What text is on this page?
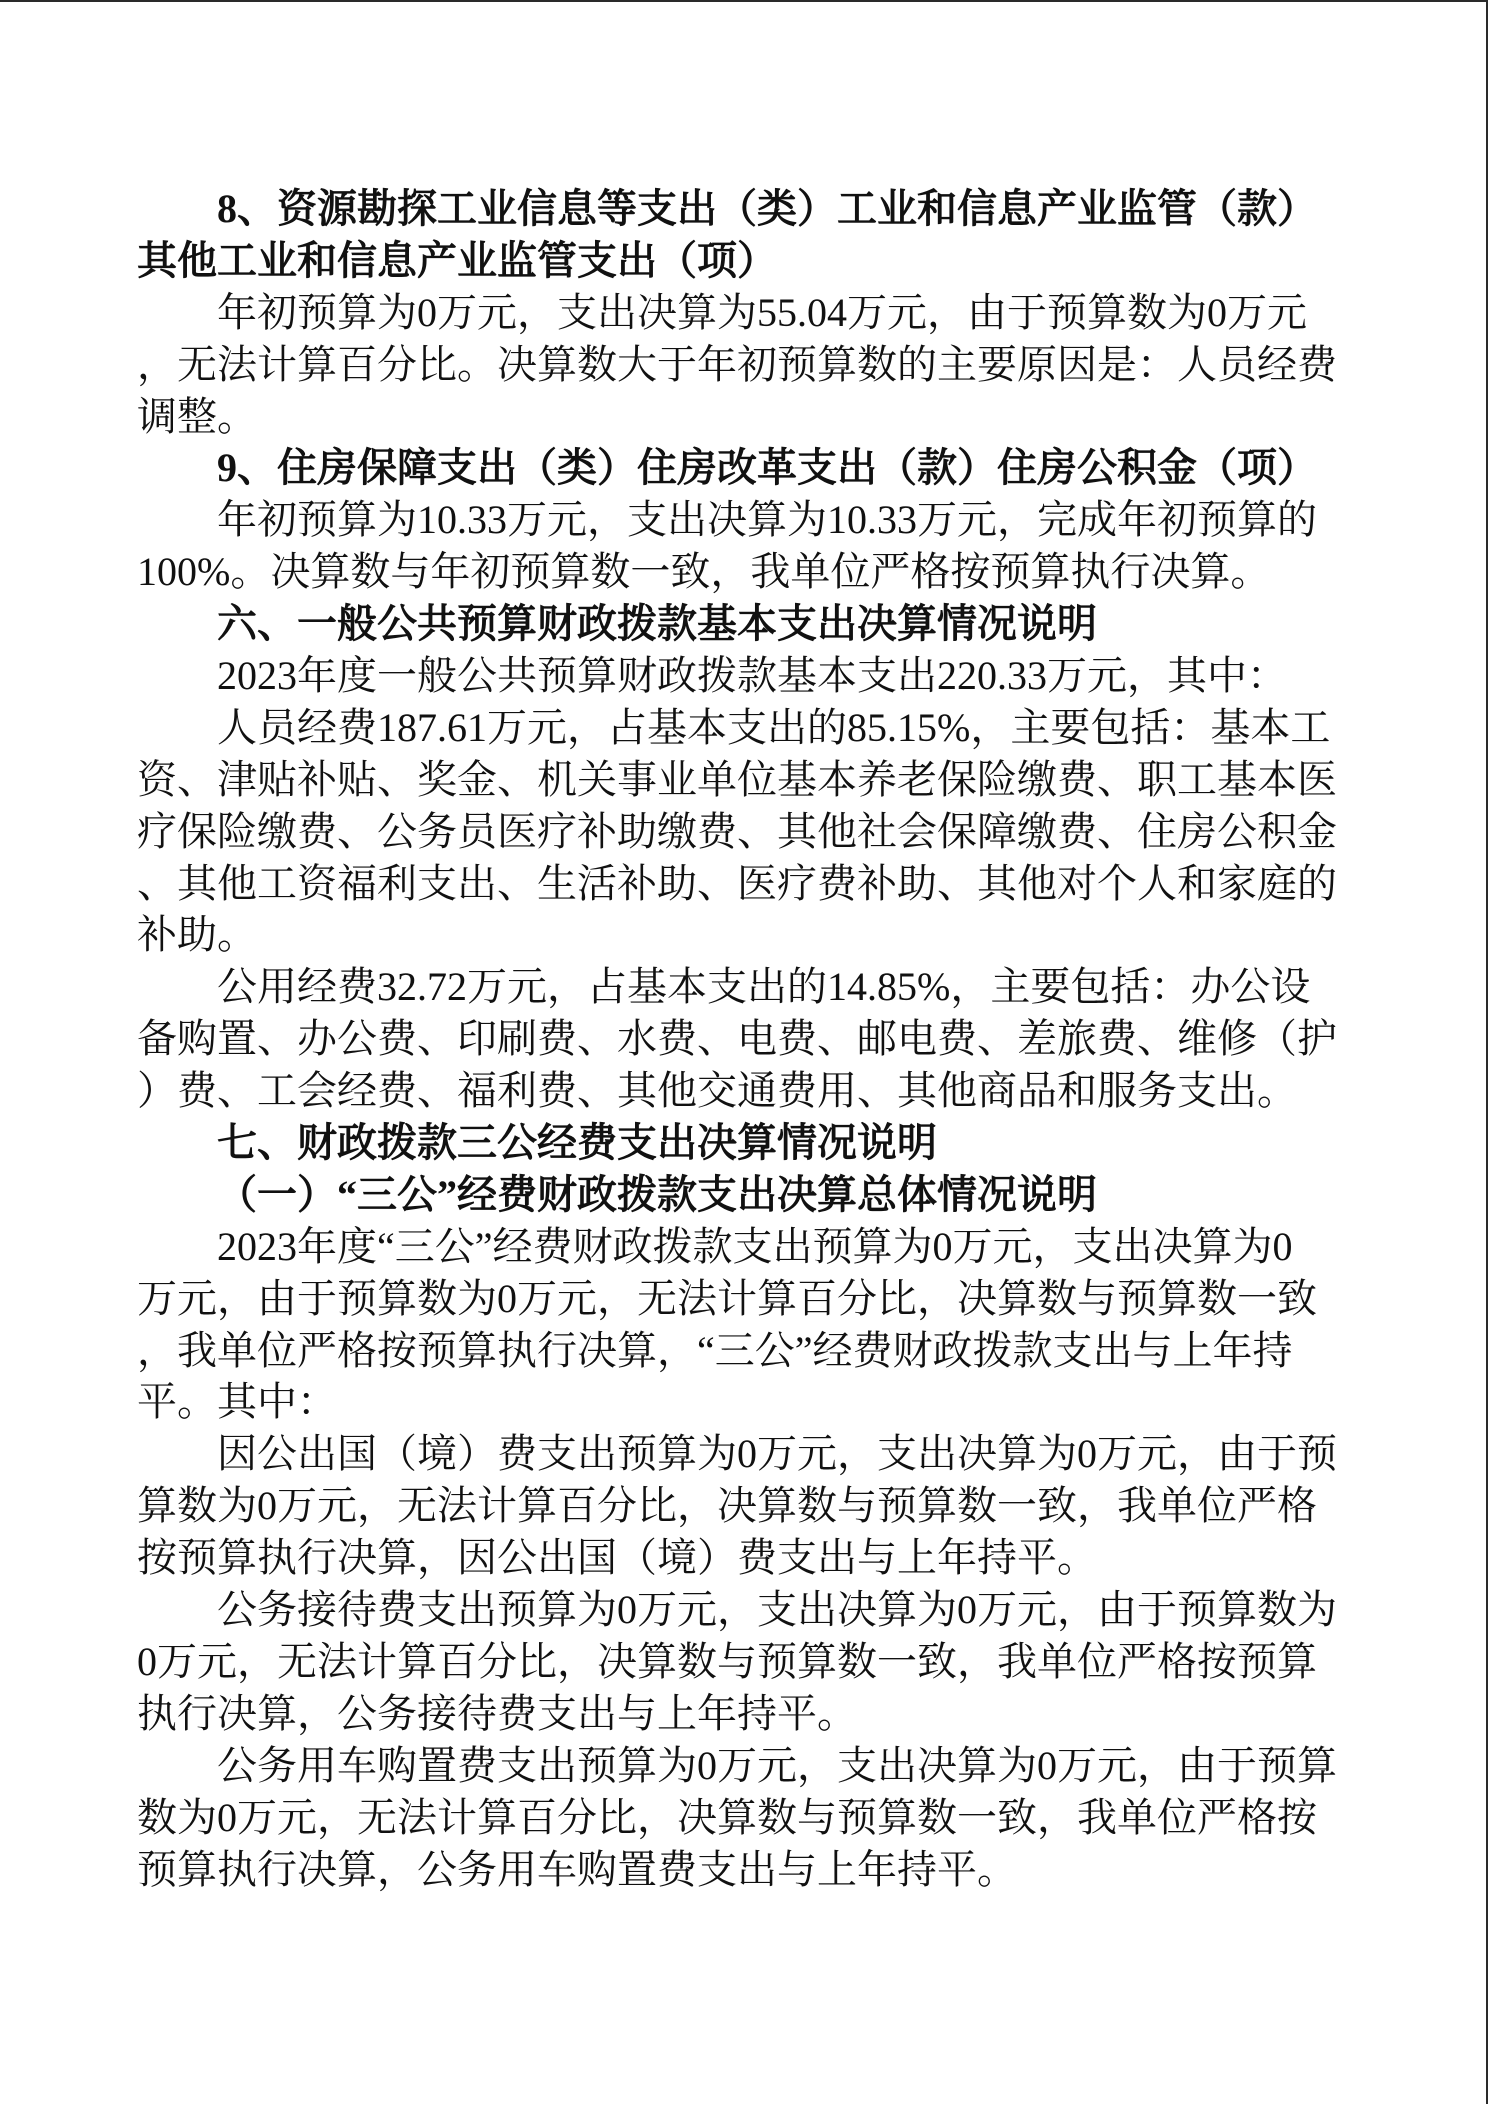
8、资源勘探工业信息等支出（类）工业和信息产业监管（款）
其他工业和信息产业监管支出（项）
年初预算为0万元，支出决算为55.04万元，由于预算数为0万元
，无法计算百分比。决算数大于年初预算数的主要原因是：人员经费
调整。
9、住房保障支出（类）住房改革支出（款）住房公积金（项）
年初预算为10.33万元，支出决算为10.33万元，完成年初预算的
100%。决算数与年初预算数一致，我单位严格按预算执行决算。
六、一般公共预算财政拨款基本支出决算情况说明
2023年度一般公共预算财政拨款基本支出220.33万元，其中：
人员经费187.61万元，占基本支出的85.15%，主要包括：基本工
资、津贴补贴、奖金、机关事业单位基本养老保险缴费、职工基本医
疗保险缴费、公务员医疗补助缴费、其他社会保障缴费、住房公积金
、其他工资福利支出、生活补助、医疗费补助、其他对个人和家庭的
补助。
公用经费32.72万元，占基本支出的14.85%，主要包括：办公设
备购置、办公费、印刷费、水费、电费、邮电费、差旅费、维修（护
）费、工会经费、福利费、其他交通费用、其他商品和服务支出。
七、财政拨款三公经费支出决算情况说明
（一）“三公”经费财政拨款支出决算总体情况说明
2023年度“三公”经费财政拨款支出预算为0万元，支出决算为0
万元，由于预算数为0万元，无法计算百分比，决算数与预算数一致
，我单位严格按预算执行决算，“三公”经费财政拨款支出与上年持
平。其中：
因公出国（境）费支出预算为0万元，支出决算为0万元，由于预
算数为0万元，无法计算百分比，决算数与预算数一致，我单位严格
按预算执行决算，因公出国（境）费支出与上年持平。
公务接待费支出预算为0万元，支出决算为0万元，由于预算数为
0万元，无法计算百分比，决算数与预算数一致，我单位严格按预算
执行决算，公务接待费支出与上年持平。
公务用车购置费支出预算为0万元，支出决算为0万元，由于预算
数为0万元，无法计算百分比，决算数与预算数一致，我单位严格按
预算执行决算，公务用车购置费支出与上年持平。
